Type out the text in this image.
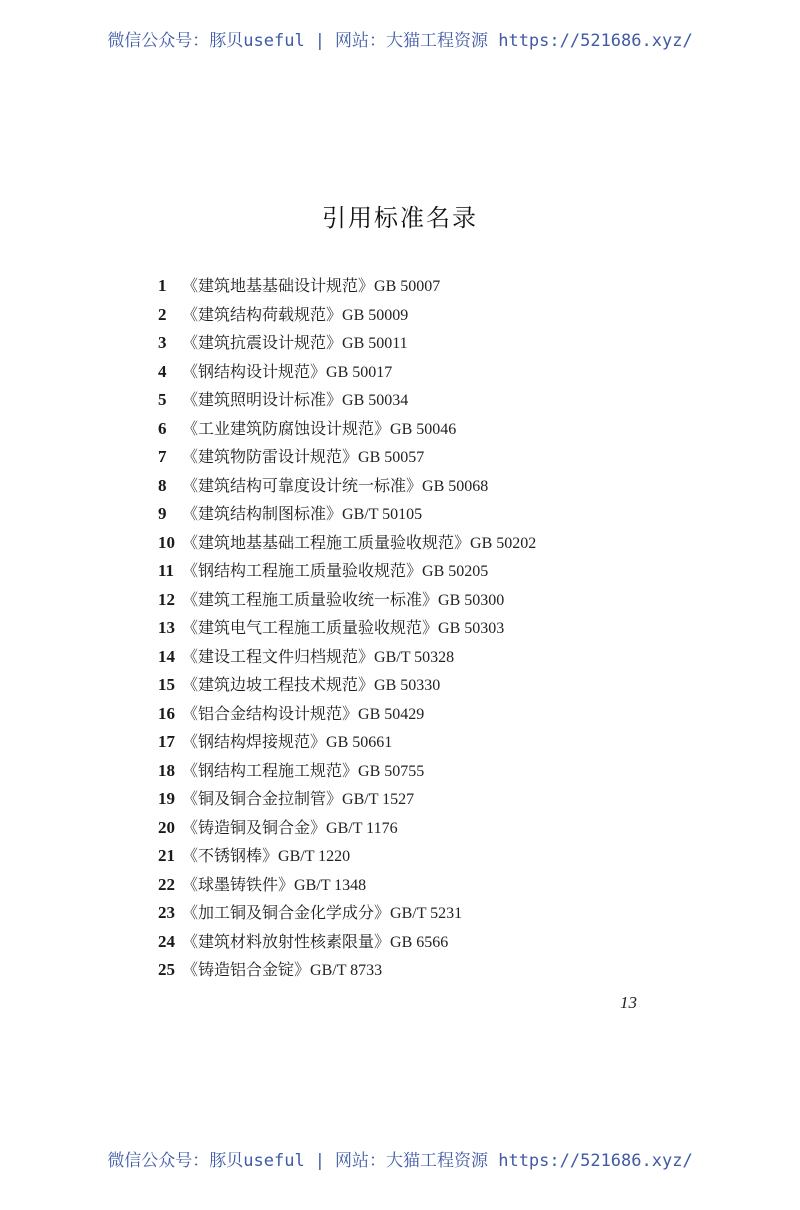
微信公众号：豚贝useful | 网站：大猫工程资源 https://521686.xyz/
引用标准名录
1 《建筑地基基础设计规范》GB 50007
2 《建筑结构荷载规范》GB 50009
3 《建筑抗震设计规范》GB 50011
4 《钢结构设计规范》GB 50017
5 《建筑照明设计标准》GB 50034
6 《工业建筑防腐蚀设计规范》GB 50046
7 《建筑物防雷设计规范》GB 50057
8 《建筑结构可靠度设计统一标准》GB 50068
9 《建筑结构制图标准》GB/T 50105
10 《建筑地基基础工程施工质量验收规范》GB 50202
11 《钢结构工程施工质量验收规范》GB 50205
12 《建筑工程施工质量验收统一标准》GB 50300
13 《建筑电气工程施工质量验收规范》GB 50303
14 《建设工程文件归档规范》GB/T 50328
15 《建筑边坡工程技术规范》GB 50330
16 《铝合金结构设计规范》GB 50429
17 《钢结构焊接规范》GB 50661
18 《钢结构工程施工规范》GB 50755
19 《铜及铜合金拉制管》GB/T 1527
20 《铸造铜及铜合金》GB/T 1176
21 《不锈钢棒》GB/T 1220
22 《球墨铸铁件》GB/T 1348
23 《加工铜及铜合金化学成分》GB/T 5231
24 《建筑材料放射性核素限量》GB 6566
25 《铸造铝合金锭》GB/T 8733
13
微信公众号：豚贝useful | 网站：大猫工程资源 https://521686.xyz/
